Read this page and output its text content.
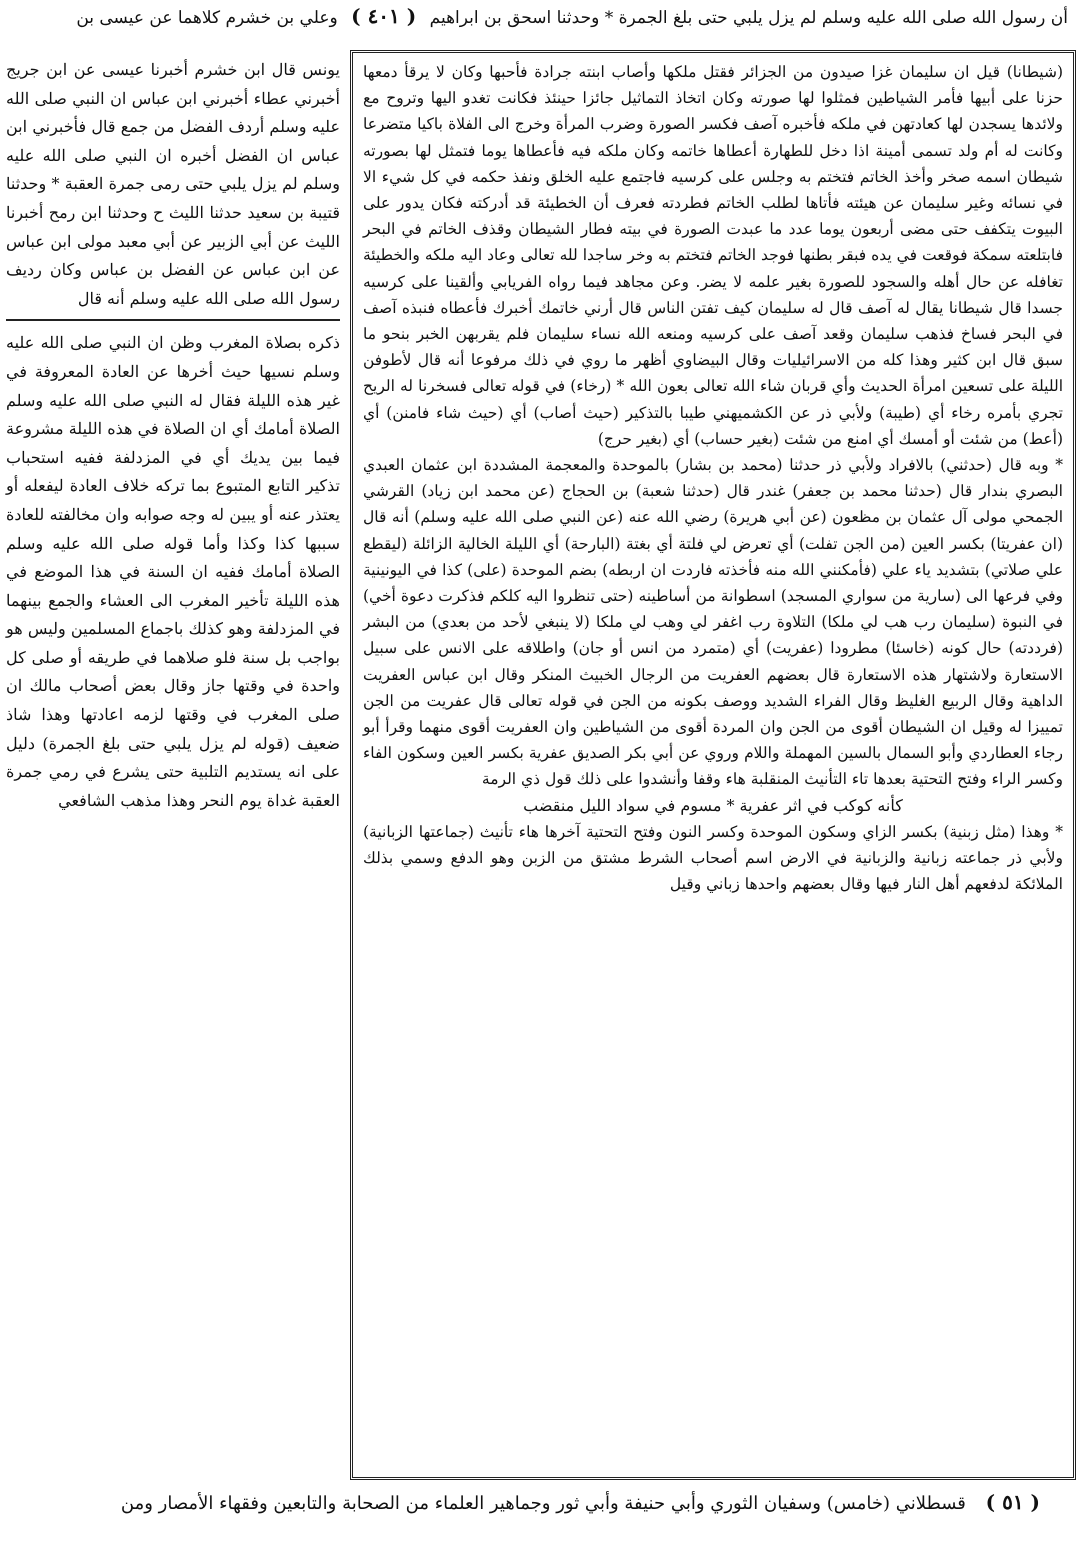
أن رسول الله صلى الله عليه وسلم لم يزل يلبي حتى بلغ الجمرة * وحدثنا اسحق بن ابراهيم ( ٤٠١ ) وعلي بن خشرم كلاهما عن عيسى بن

(شيطانا) قيل ان سليمان غزا صيدون من الجزائر فقتل ملكها وأصاب ابنته جرادة فأحبها وكان لا يرقأ دمعها حزنا على أبيها فأمر الشياطين فمثلوا لها صورته وكان اتخاذ التماثيل جائزا حينئذ فكانت تغدو اليها وتروح مع ولائدها يسجدن لها كعادتهن في ملكه فأخبره آصف فكسر الصورة وضرب المرأة وخرج الى الفلاة باكيا متضرعا وكانت له أم ولد تسمى أمينة اذا دخل للطهارة أعطاها خاتمه وكان ملكه فيه فأعطاها يوما فتمثل لها بصورته شيطان اسمه صخر وأخذ الخاتم فتختم به وجلس على كرسيه فاجتمع عليه الخلق ونفذ حكمه في كل شيء الا في نسائه وغير سليمان عن هيئته فأتاها لطلب الخاتم فطردته فعرف أن الخطيئة قد أدركته فكان يدور على البيوت يتكفف حتى مضى أربعون يوما عدد ما عبدت الصورة في بيته فطار الشيطان وقذف الخاتم في البحر فابتلعته سمكة فوقعت في يده فبقر بطنها فوجد الخاتم فتختم به وخر ساجدا لله تعالى وعاد اليه ملكه والخطيئة تغافله عن حال أهله والسجود للصورة بغير علمه لا يضر. وعن مجاهد فيما رواه الفريابي وألقينا على كرسيه جسدا قال شيطانا يقال له آصف قال له سليمان كيف تفتن الناس قال أرني خاتمك أخبرك فأعطاه فنبذه آصف في البحر فساخ فذهب سليمان وقعد آصف على كرسيه ومنعه الله نساء سليمان فلم يقربهن الخبر بنحو ما سبق قال ابن كثير وهذا كله من الاسرائيليات وقال البيضاوي أظهر ما روي في ذلك مرفوعا أنه قال لأطوفن الليلة على تسعين امرأة الحديث وأي قربان شاء الله تعالى بعون الله * (رخاء) في قوله تعالى فسخرنا له الريح تجري بأمره رخاء أي (طيبة) ولأبي ذر عن الكشميهني طيبا بالتذكير (حيث أصاب) أي (حيث شاء فامنن) أي (أعط) من شئت أو أمسك أي امنع من شئت (بغير حساب) أي (بغير حرج)

* وبه قال (حدثني) بالافراد ولأبي ذر حدثنا (محمد بن بشار) بالموحدة والمعجمة المشددة ابن عثمان العبدي البصري بندار قال (حدثنا محمد بن جعفر) غندر قال (حدثنا شعبة) بن الحجاج (عن محمد ابن زياد) القرشي الجمحي مولى آل عثمان بن مظعون (عن أبي هريرة) رضي الله عنه (عن النبي صلى الله عليه وسلم) أنه قال (ان عفريتا) بكسر العين (من الجن تفلت) أي تعرض لي فلتة أي بغتة (البارحة) أي الليلة الخالية الزائلة (ليقطع علي صلاتي) بتشديد ياء علي (فأمكنني الله منه فأخذته فاردت ان اربطه) بضم الموحدة (على) كذا في اليونينية وفي فرعها الى (سارية من سواري المسجد) اسطوانة من أساطينه (حتى تنظروا اليه كلكم فذكرت دعوة أخي) في النبوة (سليمان رب هب لي ملكا) التلاوة رب اغفر لي وهب لي ملكا (لا ينبغي لأحد من بعدي) من البشر (فرددته) حال كونه (خاسئا) مطرودا (عفريت) أي (متمرد من انس أو جان) واطلاقه على الانس على سبيل الاستعارة ولاشتهار هذه الاستعارة قال بعضهم العفريت من الرجال الخبيث المنكر وقال ابن عباس العفريت الداهية وقال الربيع الغليظ وقال الفراء الشديد ووصف بكونه من الجن في قوله تعالى قال عفريت من الجن تمييزا له وقيل ان الشيطان أقوى من الجن وان المردة أقوى من الشياطين وان العفريت أقوى منهما وقرأ أبو رجاء العطاردي وأبو السمال بالسين المهملة واللام وروي عن أبي بكر الصديق عفرية بكسر العين وسكون الفاء وكسر الراء وفتح التحتية بعدها تاء التأنيث المنقلبة هاء وقفا وأنشدوا على ذلك قول ذي الرمة

كأنه كوكب في اثر عفرية * مسوم في سواد الليل منقضب

* وهذا (مثل زبنية) بكسر الزاي وسكون الموحدة وكسر النون وفتح التحتية آخرها هاء تأنيث (جماعتها الزبانية) ولأبي ذر جماعته زبانية والزبانية في الارض اسم أصحاب الشرط مشتق من الزبن وهو الدفع وسمي بذلك الملائكة لدفعهم أهل النار فيها وقال بعضهم واحدها زباني وقيل

يونس قال ابن خشرم أخبرنا عيسى عن ابن جريج أخبرني عطاء أخبرني ابن عباس ان النبي صلى الله عليه وسلم أردف الفضل من جمع قال فأخبرني ابن عباس ان الفضل أخبره ان النبي صلى الله عليه وسلم لم يزل يلبي حتى رمى جمرة العقبة * وحدثنا قتيبة بن سعيد حدثنا الليث ح وحدثنا ابن رمح أخبرنا الليث عن أبي الزبير عن أبي معبد مولى ابن عباس عن ابن عباس عن الفضل بن عباس وكان رديف رسول الله صلى الله عليه وسلم أنه قال

ذكره بصلاة المغرب وظن ان النبي صلى الله عليه وسلم نسيها حيث أخرها عن العادة المعروفة في غير هذه الليلة فقال له النبي صلى الله عليه وسلم الصلاة أمامك أي ان الصلاة في هذه الليلة مشروعة فيما بين يديك أي في المزدلفة ففيه استحباب تذكير التابع المتبوع بما تركه خلاف العادة ليفعله أو يعتذر عنه أو يبين له وجه صوابه وان مخالفته للعادة سببها كذا وكذا وأما قوله صلى الله عليه وسلم الصلاة أمامك ففيه ان السنة في هذا الموضع في هذه الليلة تأخير المغرب الى العشاء والجمع بينهما في المزدلفة وهو كذلك باجماع المسلمين وليس هو بواجب بل سنة فلو صلاهما في طريقه أو صلى كل واحدة في وقتها جاز وقال بعض أصحاب مالك ان صلى المغرب في وقتها لزمه اعادتها وهذا شاذ ضعيف (قوله لم يزل يلبي حتى بلغ الجمرة) دليل على انه يستديم التلبية حتى يشرع في رمي جمرة العقبة غداة يوم النحر وهذا مذهب الشافعي

( ٥١ ) قسطلاني (خامس) وسفيان الثوري وأبي حنيفة وأبي ثور وجماهير العلماء من الصحابة والتابعين وفقهاء الأمصار ومن
